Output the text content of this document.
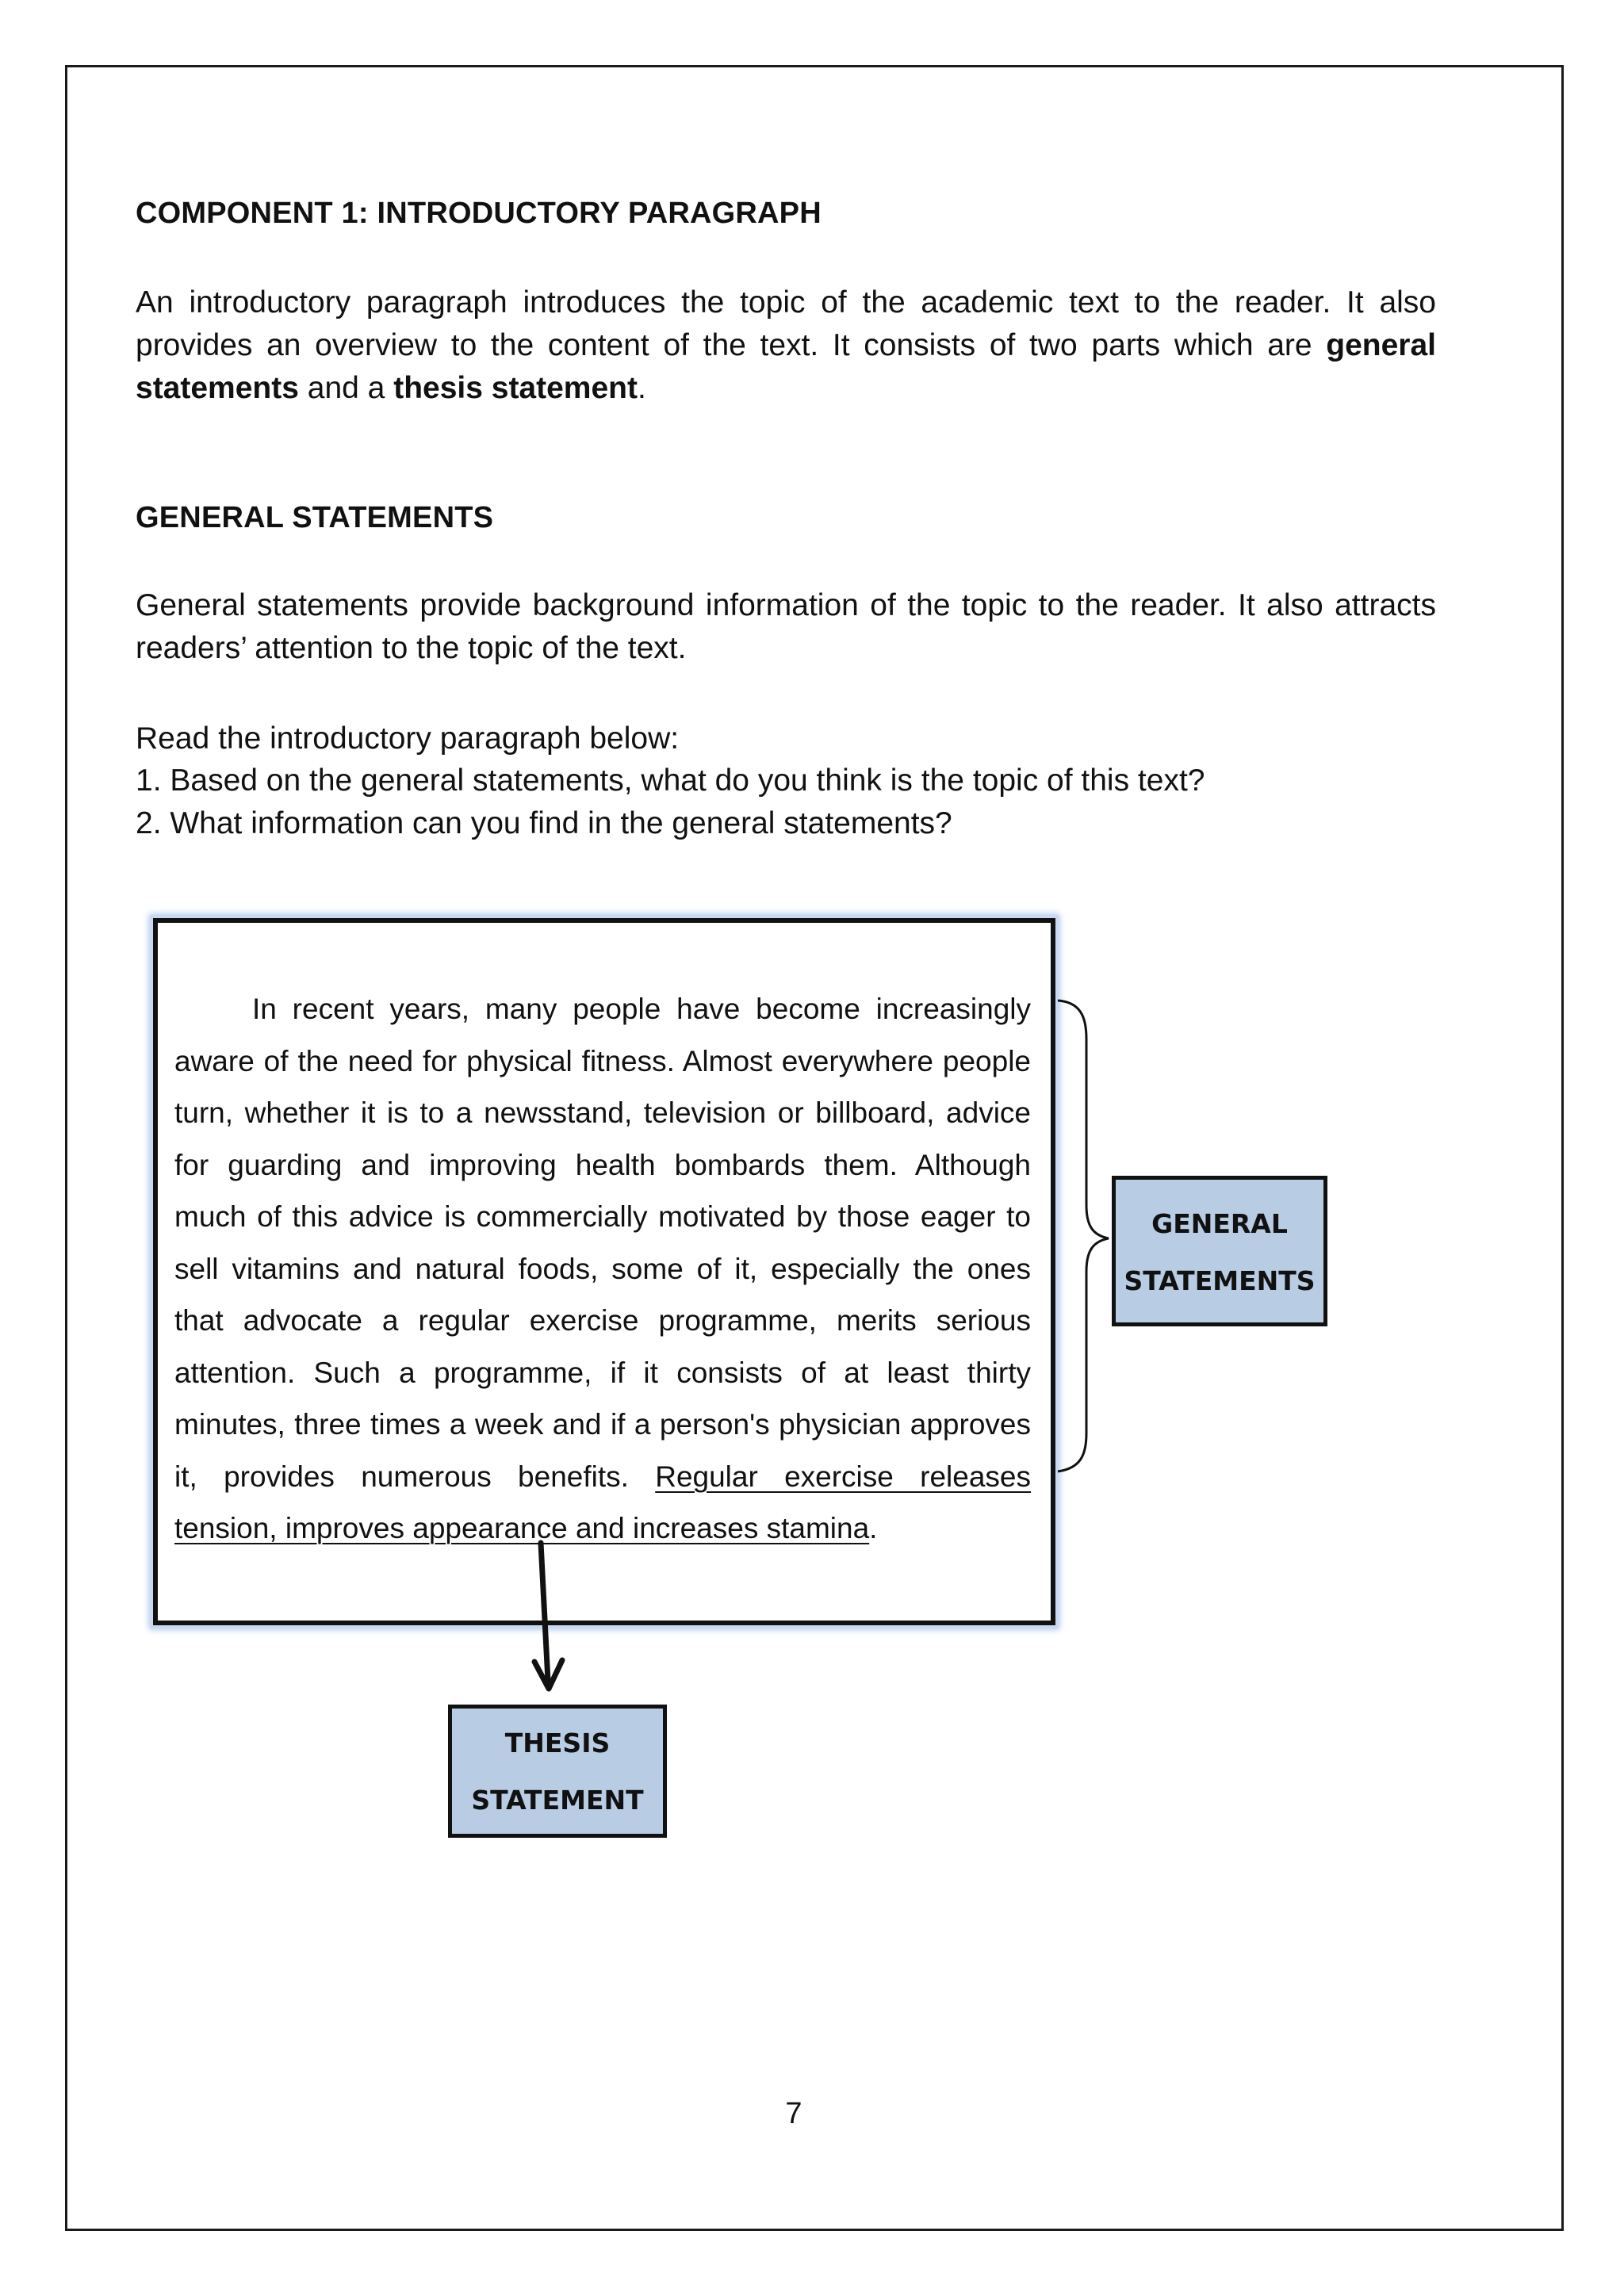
COMPONENT 1: INTRODUCTORY PARAGRAPH

An introductory paragraph introduces the topic of the academic text to the reader. It also provides an overview to the content of the text. It consists of two parts which are general statements and a thesis statement.

GENERAL STATEMENTS

General statements provide background information of the topic to the reader. It also attracts readers’ attention to the topic of the text.

Read the introductory paragraph below:

1. Based on the general statements, what do you think is the topic of this text?

2. What information can you find in the general statements?

In recent years, many people have become increasingly aware of the need for physical fitness. Almost everywhere people turn, whether it is to a newsstand, television or billboard, advice for guarding and improving health bombards them. Although much of this advice is commercially motivated by those eager to sell vitamins and natural foods, some of it, especially the ones that advocate a regular exercise programme, merits serious attention. Such a programme, if it consists of at least thirty minutes, three times a week and if a person's physician approves it, provides numerous benefits. Regular exercise releases tension, improves appearance and increases stamina.

GENERAL
STATEMENTS
THESIS
STATEMENT

7
